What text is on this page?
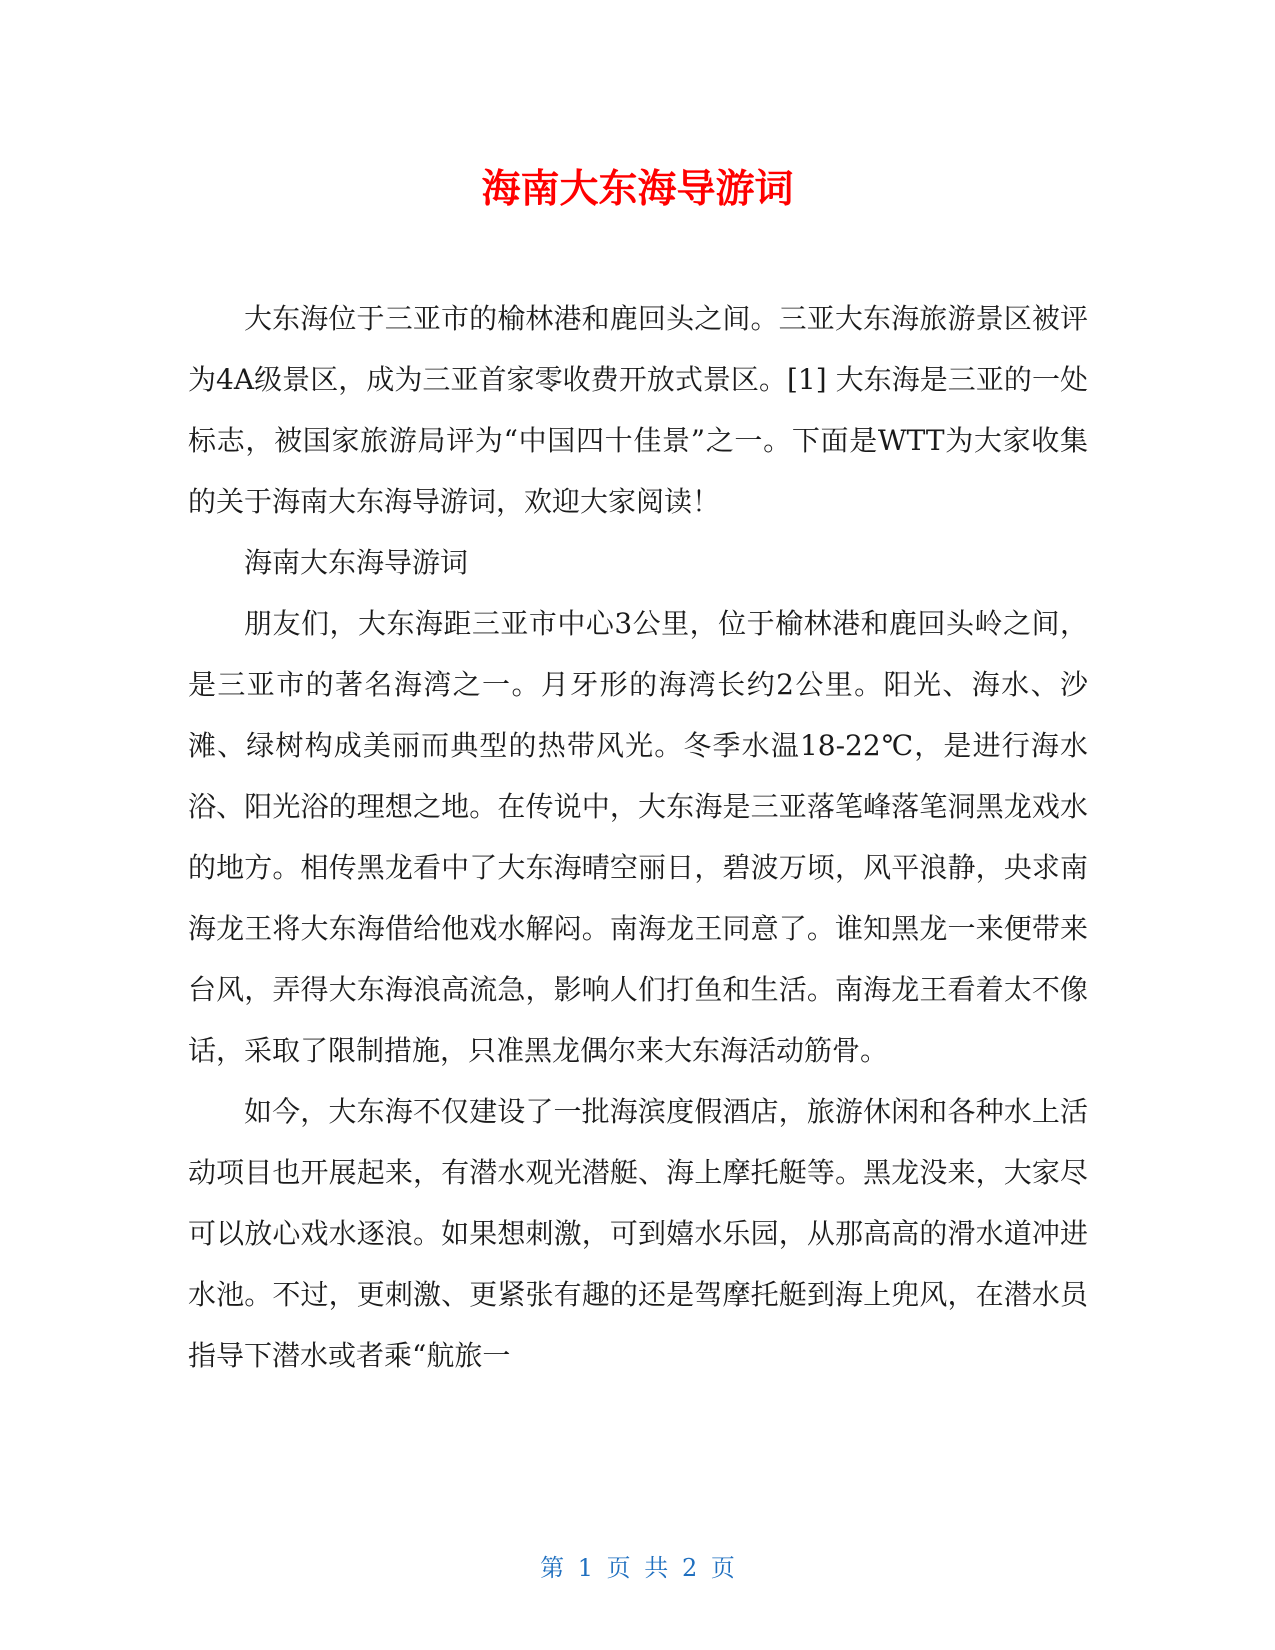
海南大东海导游词

大东海位于三亚市的榆林港和鹿回头之间。三亚大东海旅游景区被评为4A级景区，成为三亚首家零收费开放式景区。[1] 大东海是三亚的一处标志，被国家旅游局评为“中国四十佳景”之一。下面是WTT为大家收集的关于海南大东海导游词，欢迎大家阅读！

海南大东海导游词

朋友们，大东海距三亚市中心3公里，位于榆林港和鹿回头岭之间，是三亚市的著名海湾之一。月牙形的海湾长约2公里。阳光、海水、沙滩、绿树构成美丽而典型的热带风光。冬季水温18-22℃，是进行海水浴、阳光浴的理想之地。在传说中，大东海是三亚落笔峰落笔洞黑龙戏水的地方。相传黑龙看中了大东海晴空丽日，碧波万顷，风平浪静，央求南海龙王将大东海借给他戏水解闷。南海龙王同意了。谁知黑龙一来便带来台风，弄得大东海浪高流急，影响人们打鱼和生活。南海龙王看着太不像话，采取了限制措施，只准黑龙偶尔来大东海活动筋骨。

如今，大东海不仅建设了一批海滨度假酒店，旅游休闲和各种水上活动项目也开展起来，有潜水观光潜艇、海上摩托艇等。黑龙没来，大家尽可以放心戏水逐浪。如果想刺激，可到嬉水乐园，从那高高的滑水道冲进水池。不过，更刺激、更紧张有趣的还是驾摩托艇到海上兜风，在潜水员指导下潜水或者乘“航旅一

第 1 页 共 2 页
